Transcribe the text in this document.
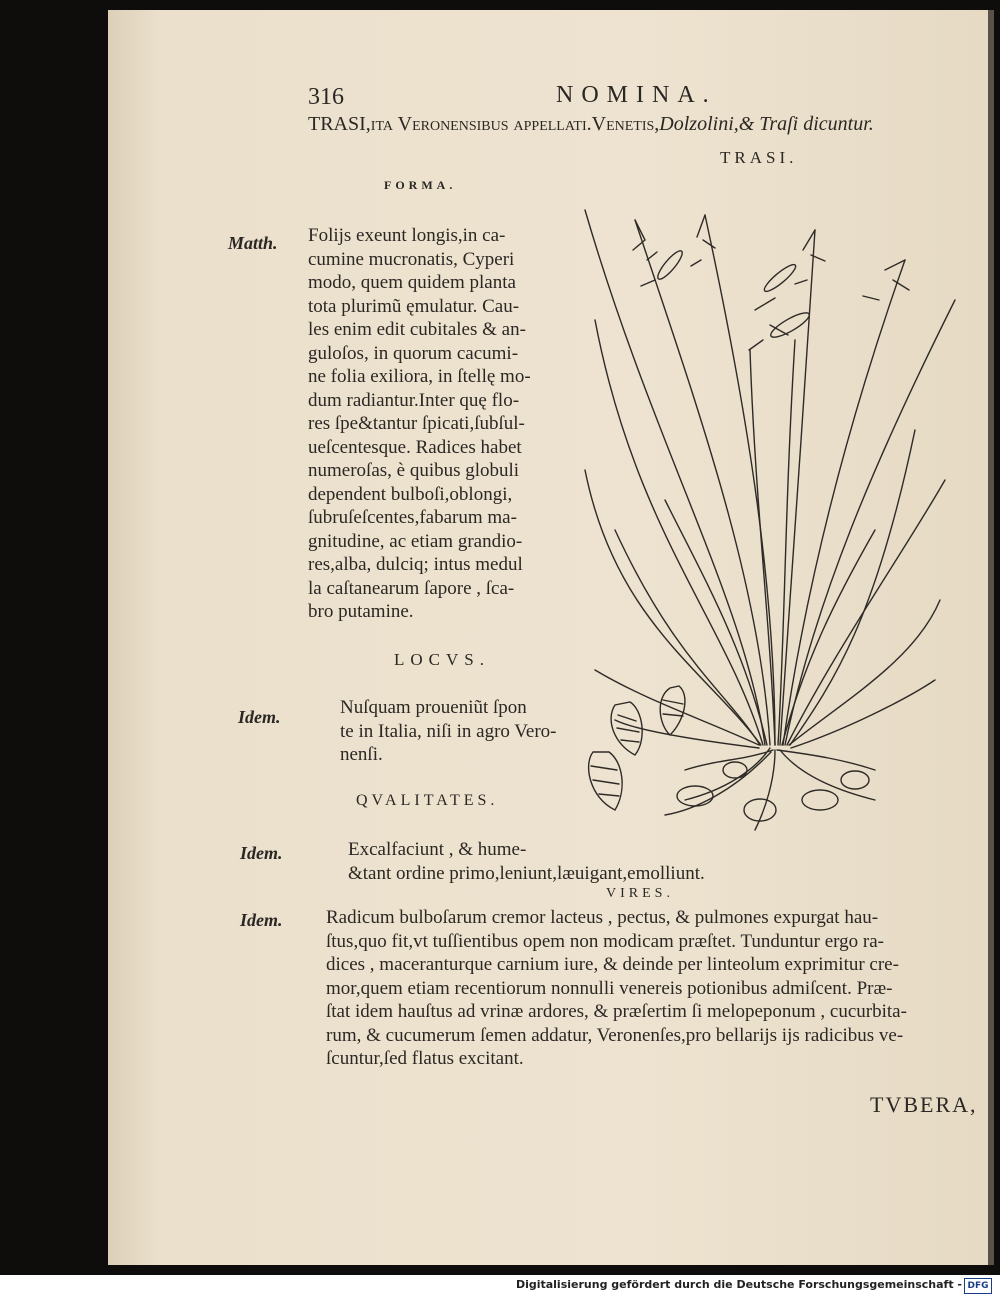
316	NOMINA.
TRASI,ita Veronenſibus appellati.Venetis,Dolzolini,& Traſi dicuntur.
TRASI.
FORMA.
Matth. Folijs exeunt longis,in ca-
cumine mucronatis, Cyperi
modo, quem quidem planta
tota plurimũ ęmulatur. Cau-
les enim edit cubitales & an-
guloſos, in quorum cacumi-
ne folia exiliora, in ſtellę mo-
dum radiantur.Inter quę flo-
res ſpe&tantur ſpicati,ſubſul-
ueſcentesque. Radices habet
numeroſas, è quibus globuli
dependent bulboſi,oblongi,
ſubruſeſcentes,fabarum ma-
gnitudine, ac etiam grandio-
res,alba, dulciq; intus medul
la caſtanearum ſapore , ſca-
bro putamine.
LOCVS.
Idem.	Nuſquam proueniũt ſpon
te in Italia, niſi in agro Vero-
nenſi.
QVALITATES.
Idem.	Excalfaciunt , & hume-
&tant ordine primo,leniunt,læuigant,emolliunt.
VIRES.
Idem. Radicum bulboſarum cremor lacteus , pectus, & pulmones expurgat hau-
ſtus,quo fit,vt tuſſientibus opem non modicam præſtet. Tunduntur ergo ra-
dices , maceranturque carnium iure, & deinde per linteolum exprimitur cre-
mor,quem etiam recentiorum nonnulli venereis potionibus admiſcent. Præ-
ſtat idem hauſtus ad vrinæ ardores, & præſertim ſi melopeponum , cucurbita-
rum, & cucumerum ſemen addatur, Veronenſes,pro bellarijs ijs radicibus ve-
ſcuntur,ſed flatus excitant.
TVBERA,
Digitalisierung gefördert durch die Deutsche Forschungsgemeinschaft - DFG
